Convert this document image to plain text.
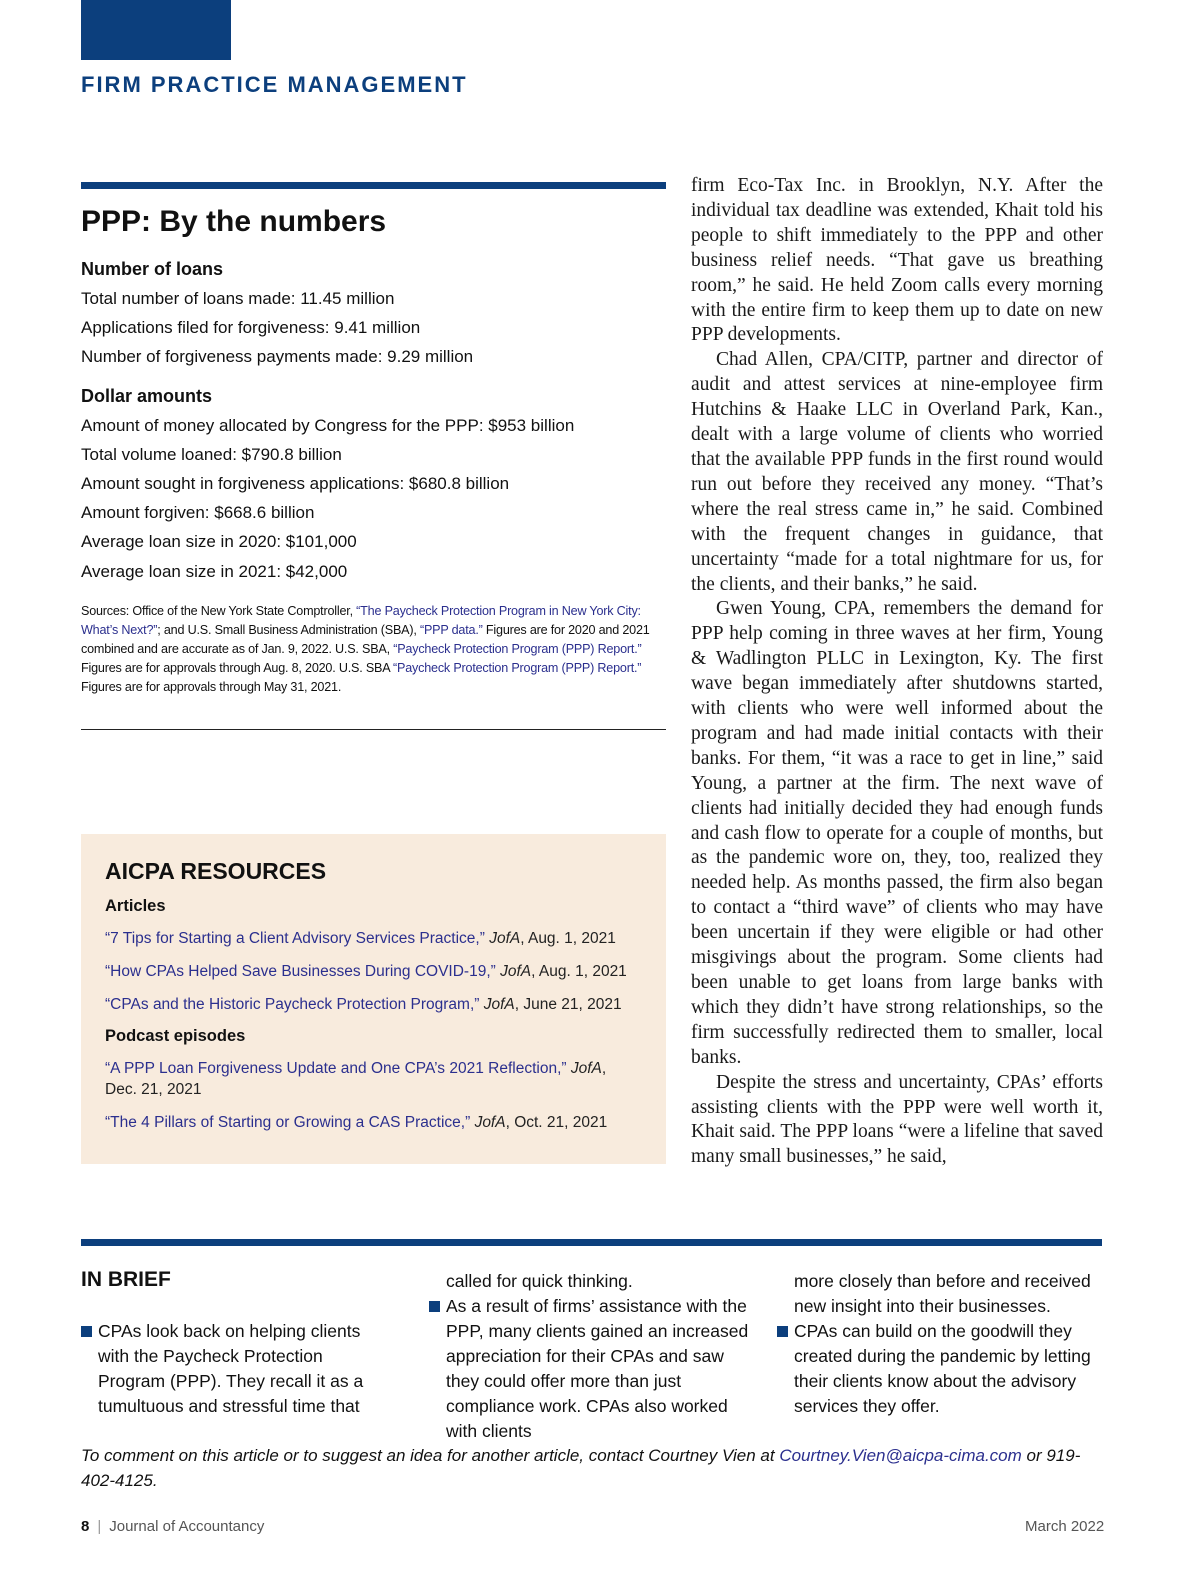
FIRM PRACTICE MANAGEMENT
PPP: By the numbers
Number of loans
Total number of loans made: 11.45 million
Applications filed for forgiveness: 9.41 million
Number of forgiveness payments made: 9.29 million
Dollar amounts
Amount of money allocated by Congress for the PPP: $953 billion
Total volume loaned: $790.8 billion
Amount sought in forgiveness applications: $680.8 billion
Amount forgiven: $668.6 billion
Average loan size in 2020: $101,000
Average loan size in 2021: $42,000

Sources: Office of the New York State Comptroller, “The Paycheck Protection Program in New York City: What’s Next?”; and U.S. Small Business Administration (SBA), “PPP data.” Figures are for 2020 and 2021 combined and are accurate as of Jan. 9, 2022. U.S. SBA, “Paycheck Protection Program (PPP) Report.” Figures are for approvals through Aug. 8, 2020. U.S. SBA “Paycheck Protection Program (PPP) Report.” Figures are for approvals through May 31, 2021.

AICPA RESOURCES
Articles
“7 Tips for Starting a Client Advisory Services Practice,” JofA, Aug. 1, 2021
“How CPAs Helped Save Businesses During COVID-19,” JofA, Aug. 1, 2021
“CPAs and the Historic Paycheck Protection Program,” JofA, June 21, 2021
Podcast episodes
“A PPP Loan Forgiveness Update and One CPA’s 2021 Reflection,” JofA, Dec. 21, 2021
“The 4 Pillars of Starting or Growing a CAS Practice,” JofA, Oct. 21, 2021

firm Eco-Tax Inc. in Brooklyn, N.Y. After the individual tax deadline was extended, Khait told his people to shift immediately to the PPP and other business relief needs. “That gave us breathing room,” he said. He held Zoom calls every morning with the entire firm to keep them up to date on new PPP developments.

Chad Allen, CPA/CITP, partner and director of audit and attest services at nine-employee firm Hutchins & Haake LLC in Overland Park, Kan., dealt with a large volume of clients who worried that the available PPP funds in the first round would run out before they received any money. “That’s where the real stress came in,” he said. Combined with the frequent changes in guidance, that uncertainty “made for a total nightmare for us, for the clients, and their banks,” he said.

Gwen Young, CPA, remembers the demand for PPP help coming in three waves at her firm, Young & Wadlington PLLC in Lexington, Ky. The first wave began immediately after shutdowns started, with clients who were well informed about the program and had made initial contacts with their banks. For them, “it was a race to get in line,” said Young, a partner at the firm. The next wave of clients had initially decided they had enough funds and cash flow to operate for a couple of months, but as the pandemic wore on, they, too, realized they needed help. As months passed, the firm also began to contact a “third wave” of clients who may have been uncertain if they were eligible or had other misgivings about the program. Some clients had been unable to get loans from large banks with which they didn’t have strong relationships, so the firm successfully redirected them to smaller, local banks.

Despite the stress and uncertainty, CPAs’ efforts assisting clients with the PPP were well worth it, Khait said. The PPP loans “were a lifeline that saved many small businesses,” he said,

IN BRIEF
CPAs look back on helping clients with the Paycheck Protection Program (PPP). They recall it as a tumultuous and stressful time that
called for quick thinking.
As a result of firms’ assistance with the PPP, many clients gained an increased appreciation for their CPAs and saw they could offer more than just compliance work. CPAs also worked with clients
more closely than before and received new insight into their businesses.
CPAs can build on the goodwill they created during the pandemic by letting their clients know about the advisory services they offer.

To comment on this article or to suggest an idea for another article, contact Courtney Vien at Courtney.Vien@aicpa-cima.com or 919-402-4125.

8 | Journal of Accountancy	March 2022
